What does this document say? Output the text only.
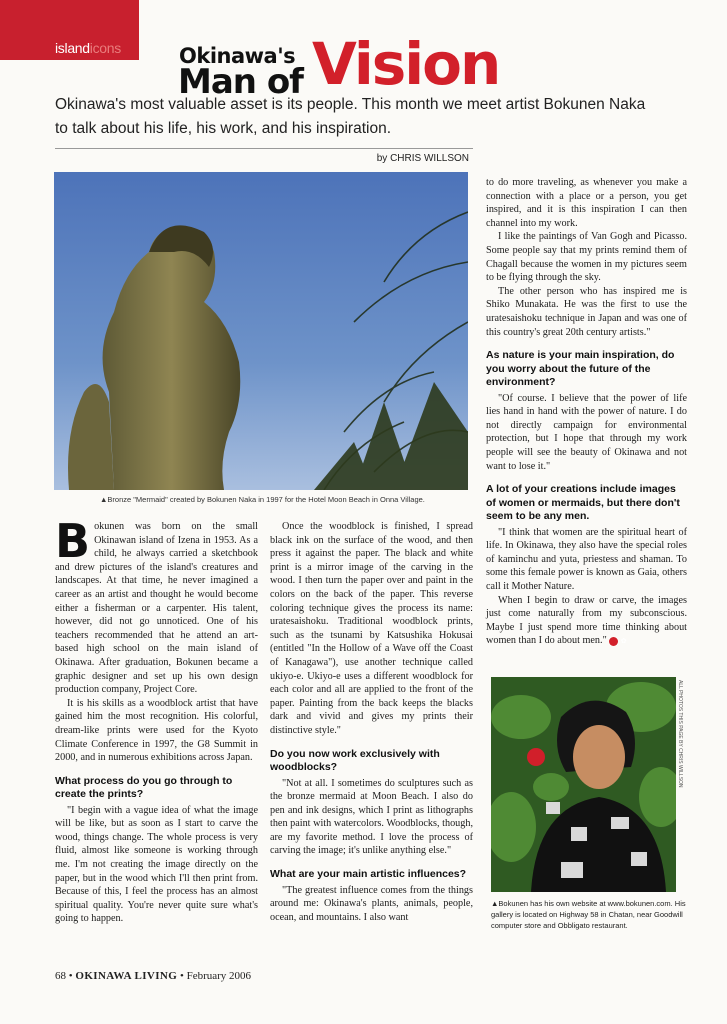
islandicons	Okinawa's
Man of Vision
Okinawa's most valuable asset is its people. This month we meet artist Bokunen Naka to talk about his life, his work, and his inspiration.
by CHRIS WILLSON
▲Bronze "Mermaid" created by Bokunen Naka in 1997 for the Hotel Moon Beach in Onna Village.

Bokunen was born on the small Okinawan island of Izena in 1953. As a child, he always carried a sketchbook and drew pictures of the island's creatures and landscapes. At that time, he never imagined a career as an artist and thought he would become either a fisherman or a carpenter. His talent, however, did not go unnoticed. One of his teachers recommended that he attend an art-based high school on the main island of Okinawa. After graduation, Bokunen became a graphic designer and set up his own design production company, Project Core.

It is his skills as a woodblock artist that have gained him the most recognition. His colorful, dream-like prints were used for the Kyoto Climate Conference in 1997, the G8 Summit in 2000, and in numerous exhibitions across Japan.

What process do you go through to create the prints?

"I begin with a vague idea of what the image will be like, but as soon as I start to carve the wood, things change. The whole process is very fluid, almost like someone is working through me. I'm not creating the image directly on the paper, but in the wood which I'll then print from. Because of this, I feel the process has an almost spiritual quality. You're never quite sure what's going to happen.

Once the woodblock is finished, I spread black ink on the surface of the wood, and then press it against the paper. The black and white print is a mirror image of the carving in the wood. I then turn the paper over and paint in the colors on the back of the paper. This reverse coloring technique gives the process its name: uratesaishoku. Traditional woodblock prints, such as the tsunami by Katsushika Hokusai (entitled "In the Hollow of a Wave off the Coast of Kanagawa"), use another technique called ukiyo-e. Ukiyo-e uses a different woodblock for each color and all are applied to the front of the paper. Painting from the back keeps the blacks dark and vivid and gives my prints their distinctive style."

Do you now work exclusively with woodblocks?

"Not at all. I sometimes do sculptures such as the bronze mermaid at Moon Beach. I also do pen and ink designs, which I print as lithographs then paint with watercolors. Woodblocks, though, are my favorite method. I love the process of carving the image; it's unlike anything else."

What are your main artistic influences?

"The greatest influence comes from the things around me: Okinawa's plants, animals, people, ocean, and mountains. I also want

to do more traveling, as whenever you make a connection with a place or a person, you get inspired, and it is this inspiration I can then channel into my work.

I like the paintings of Van Gogh and Picasso. Some people say that my prints remind them of Chagall because the women in my pictures seem to be flying through the sky.

The other person who has inspired me is Shiko Munakata. He was the first to use the uratesaishoku technique in Japan and was one of this country's great 20th century artists."

As nature is your main inspiration, do you worry about the future of the environment?

"Of course. I believe that the power of life lies hand in hand with the power of nature. I do not directly campaign for environmental protection, but I hope that through my work people will see the beauty of Okinawa and not want to lose it."

A lot of your creations include images of women or mermaids, but there don't seem to be any men.

"I think that women are the spiritual heart of life. In Okinawa, they also have the special roles of kaminchu and yuta, priestess and shaman. To some this female power is known as Gaia, others call it Mother Nature.

When I begin to draw or carve, the images just come naturally from my subconscious. Maybe I just spend more time thinking about women than I do about men." ✿

ALL PHOTOS THIS PAGE BY CHRIS WILLSON
▲Bokunen has his own website at www.bokunen.com. His gallery is located on Highway 58 in Chatan, near Goodwill computer store and Obbligato restaurant.
68 • OKINAWA LIVING • February 2006
